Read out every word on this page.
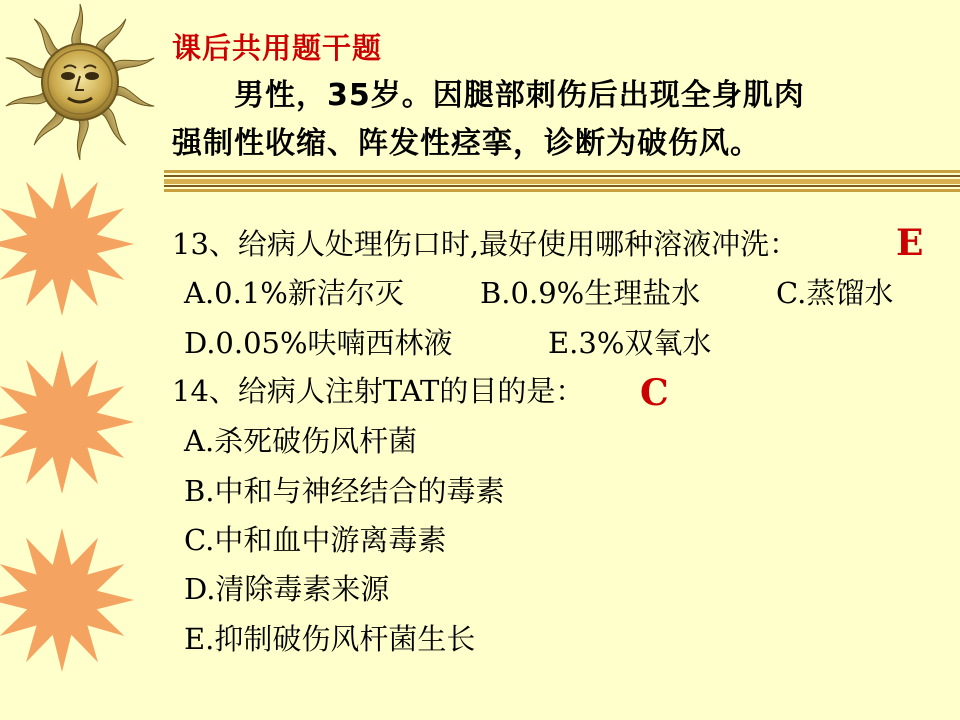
课后共用题干题
男性，35岁。因腿部刺伤后出现全身肌肉
强制性收缩、阵发性痉挛，诊断为破伤风。
13、给病人处理伤口时,最好使用哪种溶液冲洗：	E
A.0.1%新洁尔灭	B.0.9%生理盐水	C.蒸馏水
D.0.05%呋喃西林液	E.3%双氧水
14、给病人注射TAT的目的是： C
A.杀死破伤风杆菌
B.中和与神经结合的毒素
C.中和血中游离毒素
D.清除毒素来源
E.抑制破伤风杆菌生长
